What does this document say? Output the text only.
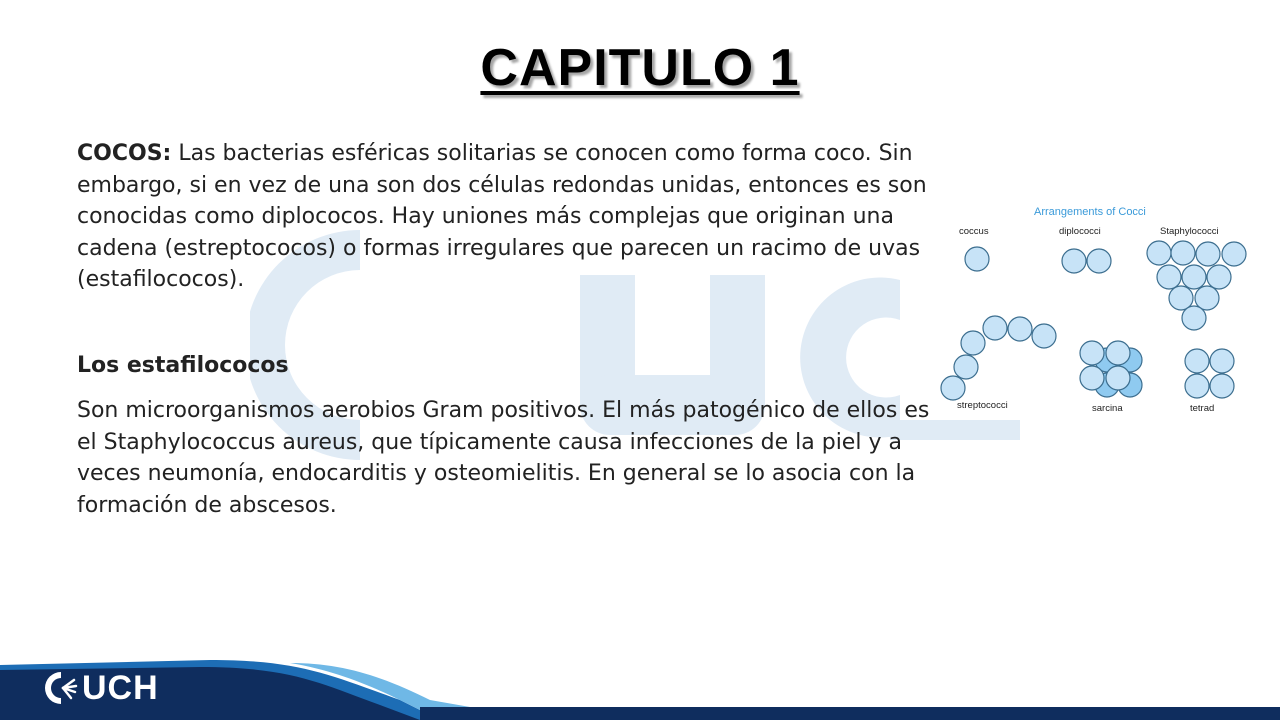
CAPITULO 1

COCOS: Las bacterias esféricas solitarias se conocen como forma coco. Sin embargo, si en vez de una son dos células redondas unidas, entonces es son conocidas como diplococos. Hay uniones más complejas que originan una cadena (estreptococos) o formas irregulares que parecen un racimo de uvas (estafilococos).

Los estafilococos

Son microorganismos aerobios Gram positivos. El más patogénico de ellos es el Staphylococcus aureus, que típicamente causa infecciones de la piel y a veces neumonía, endocarditis y osteomielitis. En general se lo asocia con la formación de abscesos.

Arrangements of Cocci
coccus	diplococci	Staphylococci
streptococci	sarcina	tetrad
UCH
